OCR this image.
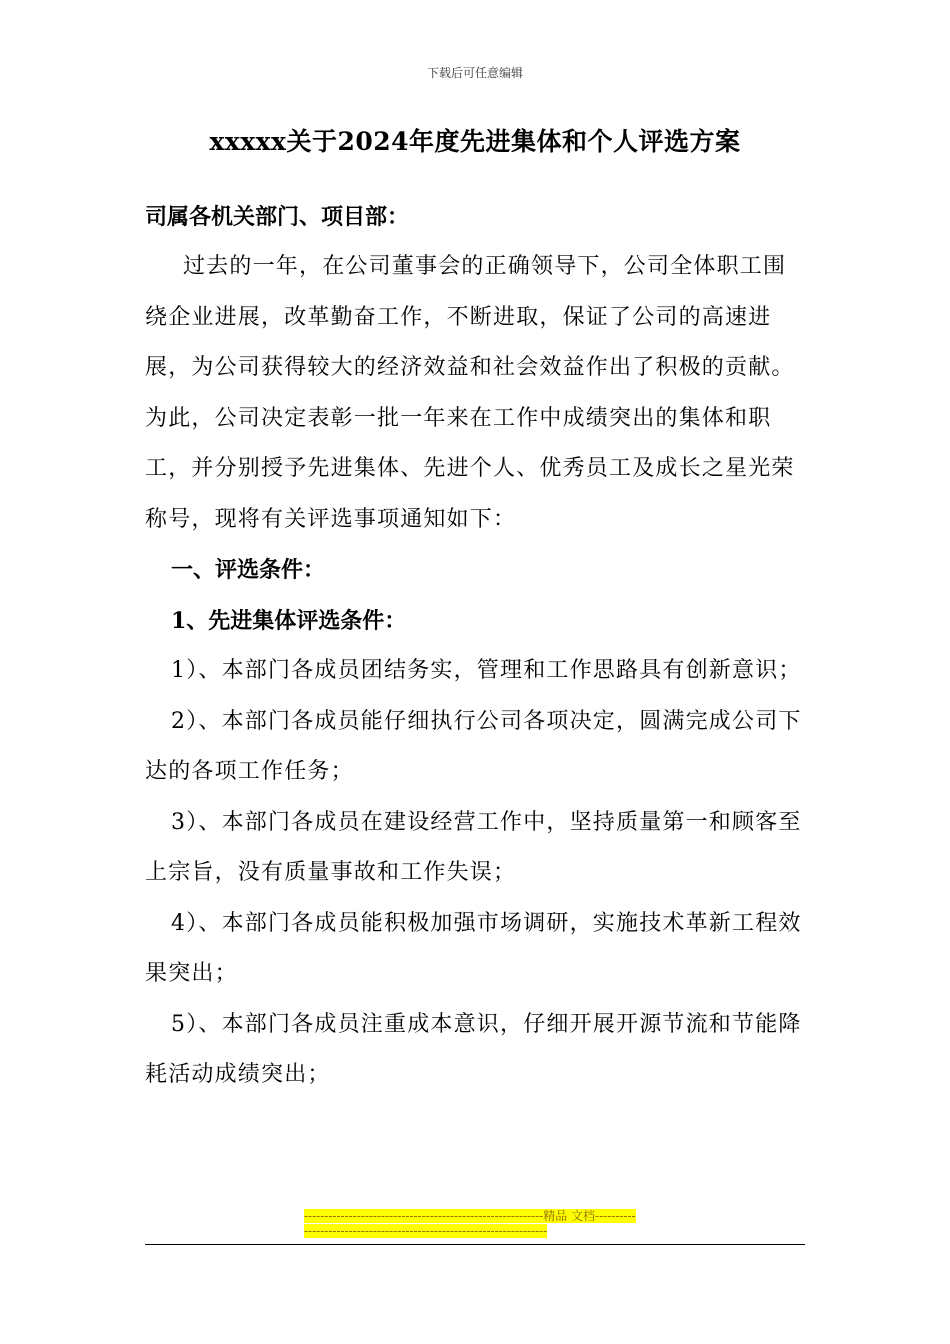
下载后可任意编辑
xxxxx关于2024年度先进集体和个人评选方案
司属各机关部门、项目部：

过去的一年，在公司董事会的正确领导下，公司全体职工围绕企业进展，改革勤奋工作，不断进取，保证了公司的高速进展，为公司获得较大的经济效益和社会效益作出了积极的贡献。为此，公司决定表彰一批一年来在工作中成绩突出的集体和职工，并分别授予先进集体、先进个人、优秀员工及成长之星光荣称号，现将有关评选事项通知如下：

一、评选条件：
1、先进集体评选条件：

1）、本部门各成员团结务实，管理和工作思路具有创新意识；

2）、本部门各成员能仔细执行公司各项决定，圆满完成公司下达的各项工作任务；

3）、本部门各成员在建设经营工作中，坚持质量第一和顾客至上宗旨，没有质量事故和工作失误；

4）、本部门各成员能积极加强市场调研，实施技术革新工程效果突出；

5）、本部门各成员注重成本意识，仔细开展开源节流和节能降耗活动成绩突出；

-----------------------------------------------------------精品 文档----------------------------------------------------------------------
